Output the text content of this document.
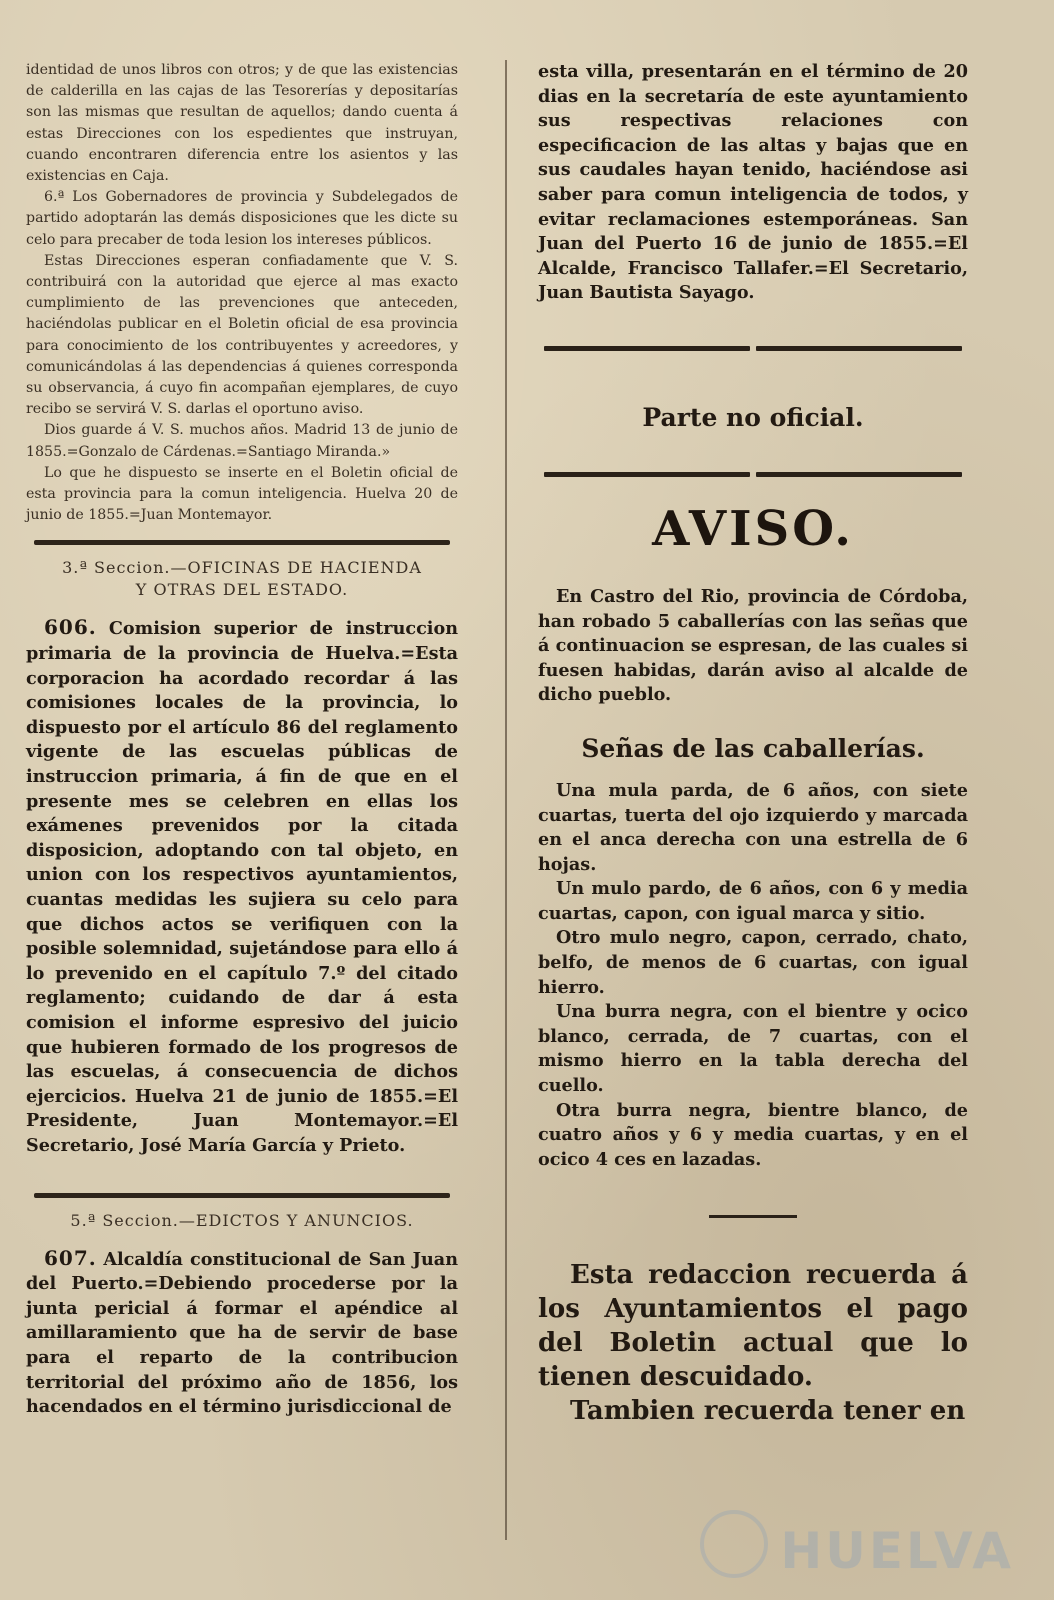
identidad de unos libros con otros; y de que las existencias de calderilla en las cajas de las Tesorerías y depositarías son las mismas que resultan de aquellos; dando cuenta á estas Direcciones con los espedientes que instruyan, cuando encontraren diferencia entre los asientos y las existencias en Caja.

6.ª Los Gobernadores de provincia y Subdelegados de partido adoptarán las demás disposiciones que les dicte su celo para precaber de toda lesion los intereses públicos.

Estas Direcciones esperan confiadamente que V. S. contribuirá con la autoridad que ejerce al mas exacto cumplimiento de las prevenciones que anteceden, haciéndolas publicar en el Boletin oficial de esa provincia para conocimiento de los contribuyentes y acreedores, y comunicándolas á las dependencias á quienes corresponda su observancia, á cuyo fin acompañan ejemplares, de cuyo recibo se servirá V. S. darlas el oportuno aviso.

Dios guarde á V. S. muchos años. Madrid 13 de junio de 1855.=Gonzalo de Cárdenas.=Santiago Miranda.»

Lo que he dispuesto se inserte en el Boletin oficial de esta provincia para la comun inteligencia. Huelva 20 de junio de 1855.=Juan Montemayor.

3.ª Seccion.—OFICINAS DE HACIENDA
Y OTRAS DEL ESTADO.

606. Comision superior de instruccion primaria de la provincia de Huelva.=Esta corporacion ha acordado recordar á las comisiones locales de la provincia, lo dispuesto por el artículo 86 del reglamento vigente de las escuelas públicas de instruccion primaria, á fin de que en el presente mes se celebren en ellas los exámenes prevenidos por la citada disposicion, adoptando con tal objeto, en union con los respectivos ayuntamientos, cuantas medidas les sujiera su celo para que dichos actos se verifiquen con la posible solemnidad, sujetándose para ello á lo prevenido en el capítulo 7.º del citado reglamento; cuidando de dar á esta comision el informe espresivo del juicio que hubieren formado de los progresos de las escuelas, á consecuencia de dichos ejercicios. Huelva 21 de junio de 1855.=El Presidente, Juan Montemayor.=El Secretario, José María García y Prieto.

5.ª Seccion.—EDICTOS Y ANUNCIOS.

607. Alcaldía constitucional de San Juan del Puerto.=Debiendo procederse por la junta pericial á formar el apéndice al amillaramiento que ha de servir de base para el reparto de la contribucion territorial del próximo año de 1856, los hacendados en el término jurisdiccional de

esta villa, presentarán en el término de 20 dias en la secretaría de este ayuntamiento sus respectivas relaciones con especificacion de las altas y bajas que en sus caudales hayan tenido, haciéndose asi saber para comun inteligencia de todos, y evitar reclamaciones estemporáneas. San Juan del Puerto 16 de junio de 1855.=El Alcalde, Francisco Tallafer.=El Secretario, Juan Bautista Sayago.

Parte no oficial.
AVISO.

En Castro del Rio, provincia de Córdoba, han robado 5 caballerías con las señas que á continuacion se espresan, de las cuales si fuesen habidas, darán aviso al alcalde de dicho pueblo.

Señas de las caballerías.

Una mula parda, de 6 años, con siete cuartas, tuerta del ojo izquierdo y marcada en el anca derecha con una estrella de 6 hojas.

Un mulo pardo, de 6 años, con 6 y media cuartas, capon, con igual marca y sitio.

Otro mulo negro, capon, cerrado, chato, belfo, de menos de 6 cuartas, con igual hierro.

Una burra negra, con el bientre y ocico blanco, cerrada, de 7 cuartas, con el mismo hierro en la tabla derecha del cuello.

Otra burra negra, bientre blanco, de cuatro años y 6 y media cuartas, y en el ocico 4 ces en lazadas.

Esta redaccion recuerda á los Ayuntamientos el pago del Boletin actual que lo tienen descuidado.

Tambien recuerda tener en

HUELVA
